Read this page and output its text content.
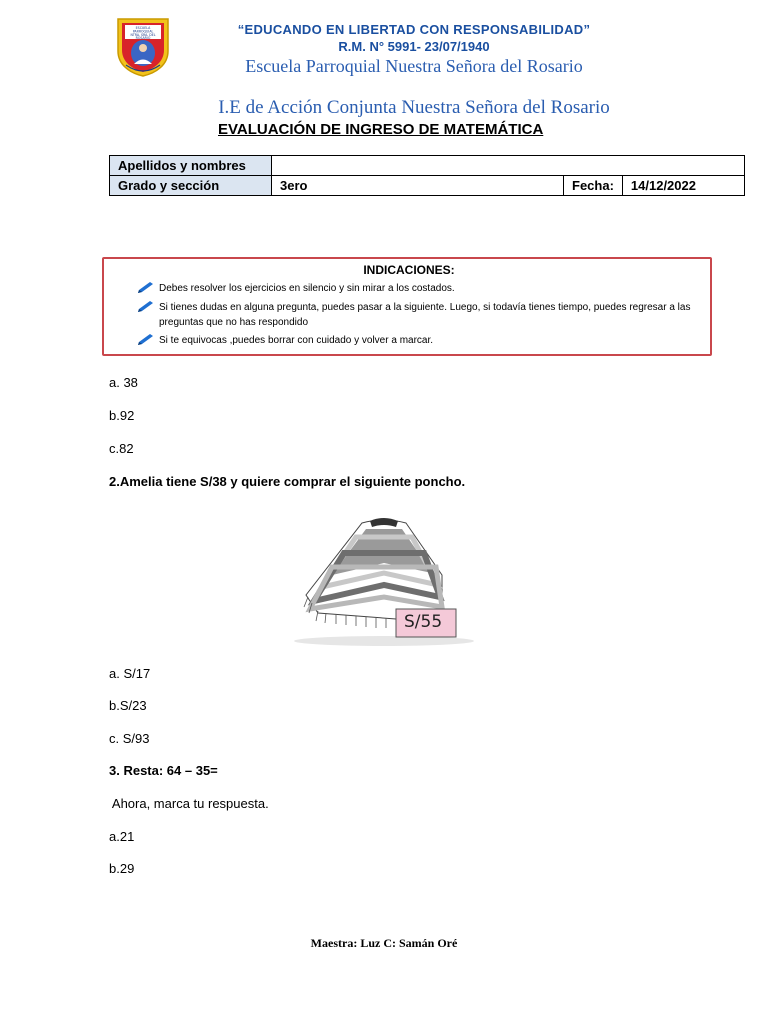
ESCUELA
PARROQUIAL
NTRA. SRA. DEL
ROSARIO
“EDUCANDO EN LIBERTAD CON RESPONSABILIDAD”
R.M. N° 5991- 23/07/1940
Escuela Parroquial Nuestra Señora del Rosario
I.E de Acción Conjunta Nuestra Señora del Rosario
EVALUACIÓN DE INGRESO DE MATEMÁTICA
Apellidos y nombres			
Grado y sección	3ero	Fecha:	14/12/2022
INDICACIONES:
Debes resolver los ejercicios en silencio y sin mirar a los costados.
Si tienes dudas en alguna pregunta, puedes pasar a la siguiente. Luego, si todavía tienes tiempo, puedes regresar a las preguntas que no has respondido
Si te equivocas ,puedes borrar con cuidado y volver a marcar.
a. 38
b.92
c.82
2.Amelia tiene S/38 y quiere comprar el siguiente poncho.
S/55
a. S/17
b.S/23
c. S/93
3. Resta: 64 – 35=
Ahora, marca tu respuesta.
a.21
b.29
Maestra: Luz C: Samán Oré
